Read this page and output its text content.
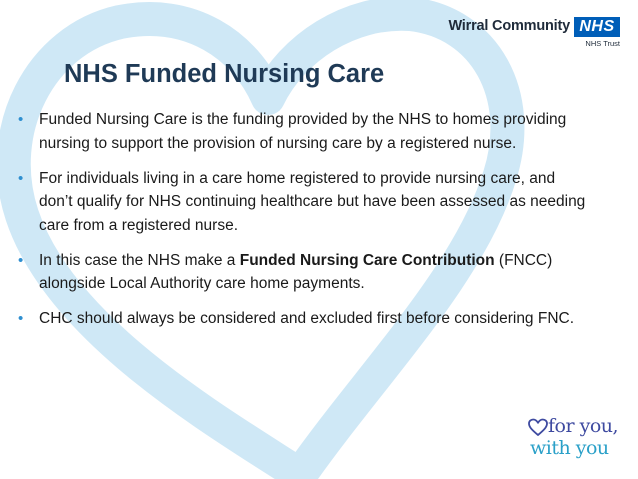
Wirral Community NHS
NHS Trust
NHS Funded Nursing Care
• Funded Nursing Care is the funding provided by the NHS to homes providing nursing to support the provision of nursing care by a registered nurse.
• For individuals living in a care home registered to provide nursing care, and don’t qualify for NHS continuing healthcare but have been assessed as needing care from a registered nurse.
• In this case the NHS make a Funded Nursing Care Contribution (FNCC) alongside Local Authority care home payments.
• CHC should always be considered and excluded first before considering FNC.
for you,
with you
